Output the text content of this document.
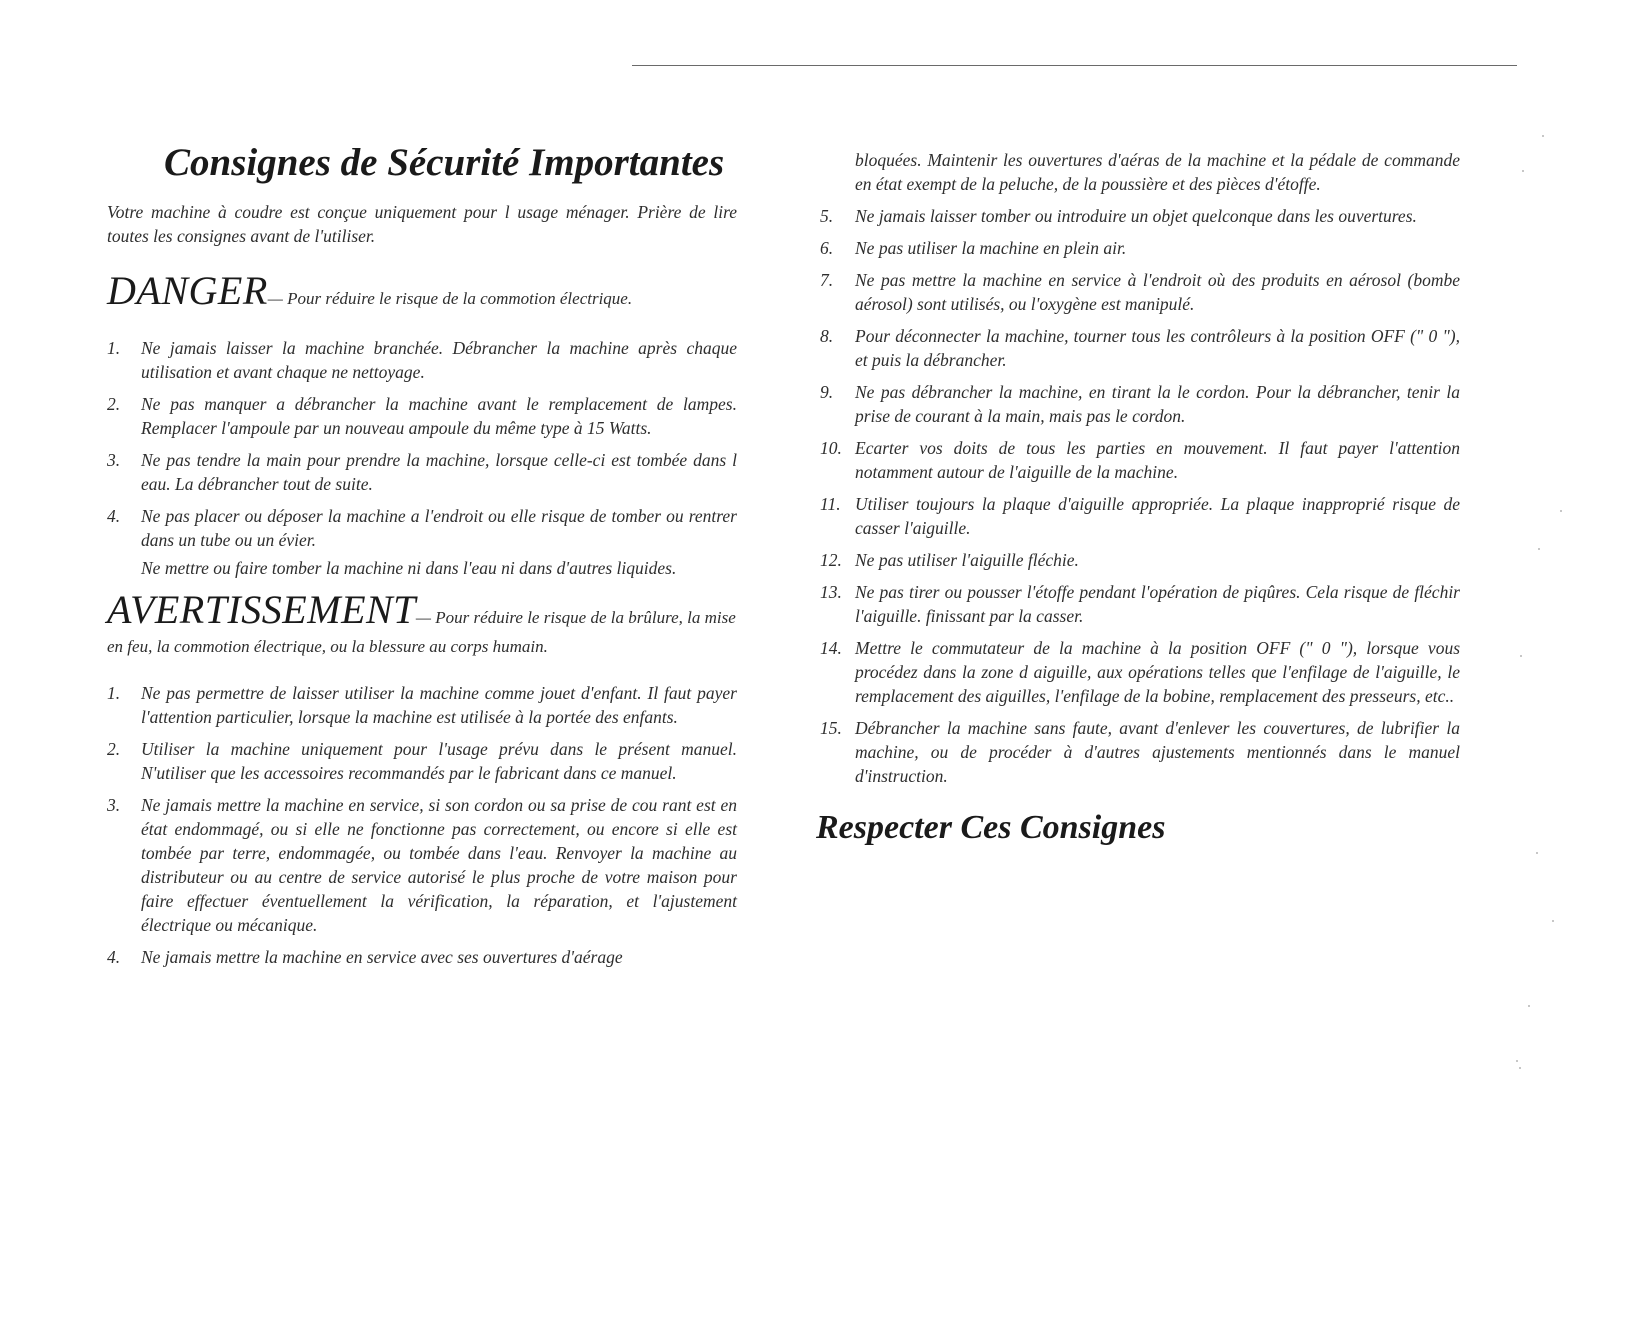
Consignes de Sécurité Importantes

Votre machine à coudre est conçue uniquement pour l usage ménager. Prière de lire toutes les consignes avant de l'utiliser.

DANGER— Pour réduire le risque de la commotion électrique.
1.	Ne jamais laisser la machine branchée. Débrancher la machine après chaque utilisation et avant chaque ne nettoyage.
2.	Ne pas manquer a débrancher la machine avant le remplacement de lampes. Remplacer l'ampoule par un nouveau ampoule du même type à 15 Watts.
3.	Ne pas tendre la main pour prendre la machine, lorsque celle-ci est tombée dans l eau. La débrancher tout de suite.
4.	Ne pas placer ou déposer la machine a l'endroit ou elle risque de tomber ou rentrer dans un tube ou un évier.
Ne mettre ou faire tomber la machine ni dans l'eau ni dans d'autres liquides.
AVERTISSEMENT— Pour réduire le risque de la brûlure, la mise en feu, la commotion électrique, ou la blessure au corps humain.
1.	Ne pas permettre de laisser utiliser la machine comme jouet d'enfant. Il faut payer l'attention particulier, lorsque la machine est utilisée à la portée des enfants.
2.	Utiliser la machine uniquement pour l'usage prévu dans le présent manuel. N'utiliser que les accessoires recommandés par le fabricant dans ce manuel.
3.	Ne jamais mettre la machine en service, si son cordon ou sa prise de cou rant est en état endommagé, ou si elle ne fonctionne pas correctement, ou encore si elle est tombée par terre, endommagée, ou tombée dans l'eau. Renvoyer la machine au distributeur ou au centre de service autorisé le plus proche de votre maison pour faire effectuer éventuellement la vérification, la réparation, et l'ajustement électrique ou mécanique.
4.	Ne jamais mettre la machine en service avec ses ouvertures d'aérage

bloquées. Maintenir les ouvertures d'aéras de la machine et la pédale de commande en état exempt de la peluche, de la poussière et des pièces d'étoffe.

5.	Ne jamais laisser tomber ou introduire un objet quelconque dans les ouvertures.
6.	Ne pas utiliser la machine en plein air.
7.	Ne pas mettre la machine en service à l'endroit où des produits en aérosol (bombe aérosol) sont utilisés, ou l'oxygène est manipulé.
8.	Pour déconnecter la machine, tourner tous les contrôleurs à la position OFF (" 0 "), et puis la débrancher.
9.	Ne pas débrancher la machine, en tirant la le cordon. Pour la débrancher, tenir la prise de courant à la main, mais pas le cordon.
10. Ecarter vos doits de tous les parties en mouvement. Il faut payer l'attention notamment autour de l'aiguille de la machine.
11. Utiliser toujours la plaque d'aiguille appropriée. La plaque inapproprié risque de casser l'aiguille.
12. Ne pas utiliser l'aiguille fléchie.
13. Ne pas tirer ou pousser l'étoffe pendant l'opération de piqûres. Cela risque de fléchir l'aiguille. finissant par la casser.
14. Mettre le commutateur de la machine à la position OFF (" 0 "), lorsque vous procédez dans la zone d aiguille, aux opérations telles que l'enfilage de l'aiguille, le remplacement des aiguilles, l'enfilage de la bobine, remplacement des presseurs, etc..
15. Débrancher la machine sans faute, avant d'enlever les couvertures, de lubrifier la machine, ou de procéder à d'autres ajustements mentionnés dans le manuel d'instruction.
Respecter Ces Consignes
